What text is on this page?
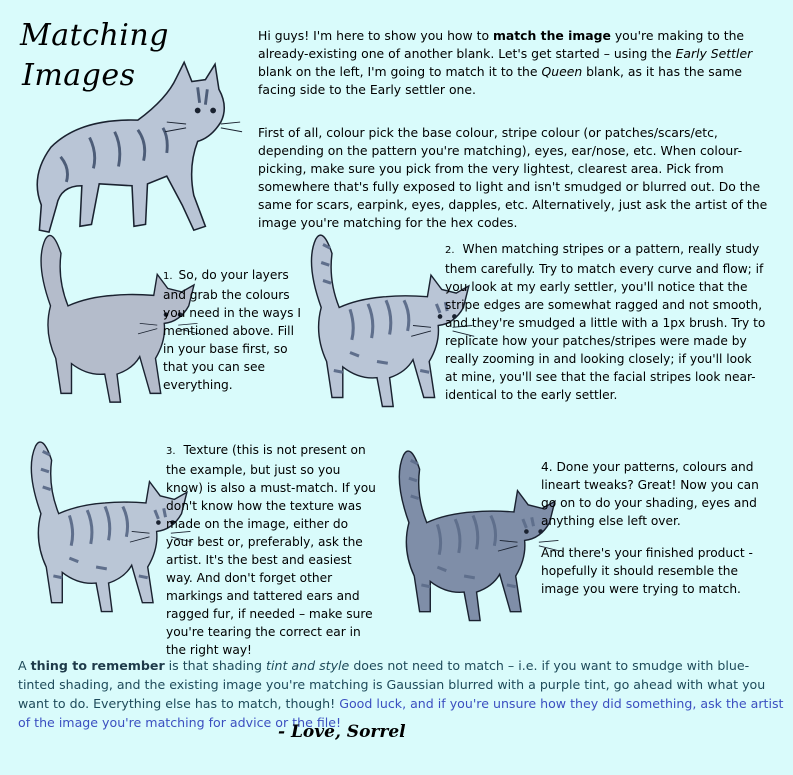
Matching
Images
Hi guys! I'm here to show you how to match the image you're making to the already-existing one of another blank. Let's get started – using the Early Settler blank on the left, I'm going to match it to the Queen blank, as it has the same facing side to the Early settler one.
First of all, colour pick the base colour, stripe colour (or patches/scars/etc, depending on the pattern you're matching), eyes, ear/nose, etc. When colour-picking, make sure you pick from the very lightest, clearest area. Pick from somewhere that's fully exposed to light and isn't smudged or blurred out. Do the same for scars, earpink, eyes, dapples, etc. Alternatively, just ask the artist of the image you're matching for the hex codes.
1. So, do your layers and grab the colours you need in the ways I mentioned above. Fill in your base first, so that you can see everything.
2. When matching stripes or a pattern, really study them carefully. Try to match every curve and flow; if you look at my early settler, you'll notice that the stripe edges are somewhat ragged and not smooth, and they're smudged a little with a 1px brush. Try to replicate how your patches/stripes were made by really zooming in and looking closely; if you'll look at mine, you'll see that the facial stripes look near-identical to the early settler.
3. Texture (this is not present on the example, but just so you know) is also a must-match. If you don't know how the texture was made on the image, either do your best or, preferably, ask the artist. It's the best and easiest way. And don't forget other markings and tattered ears and ragged fur, if needed – make sure you're tearing the correct ear in the right way!
4. Done your patterns, colours and lineart tweaks? Great! Now you can go on to do your shading, eyes and anything else left over.
And there's your finished product - hopefully it should resemble the image you were trying to match.
A thing to remember is that shading tint and style does not need to match – i.e. if you want to smudge with blue-tinted shading, and the existing image you're matching is Gaussian blurred with a purple tint, go ahead with what you want to do. Everything else has to match, though! Good luck, and if you're unsure how they did something, ask the artist of the image you're matching for advice or the file!
- Love, Sorrel
